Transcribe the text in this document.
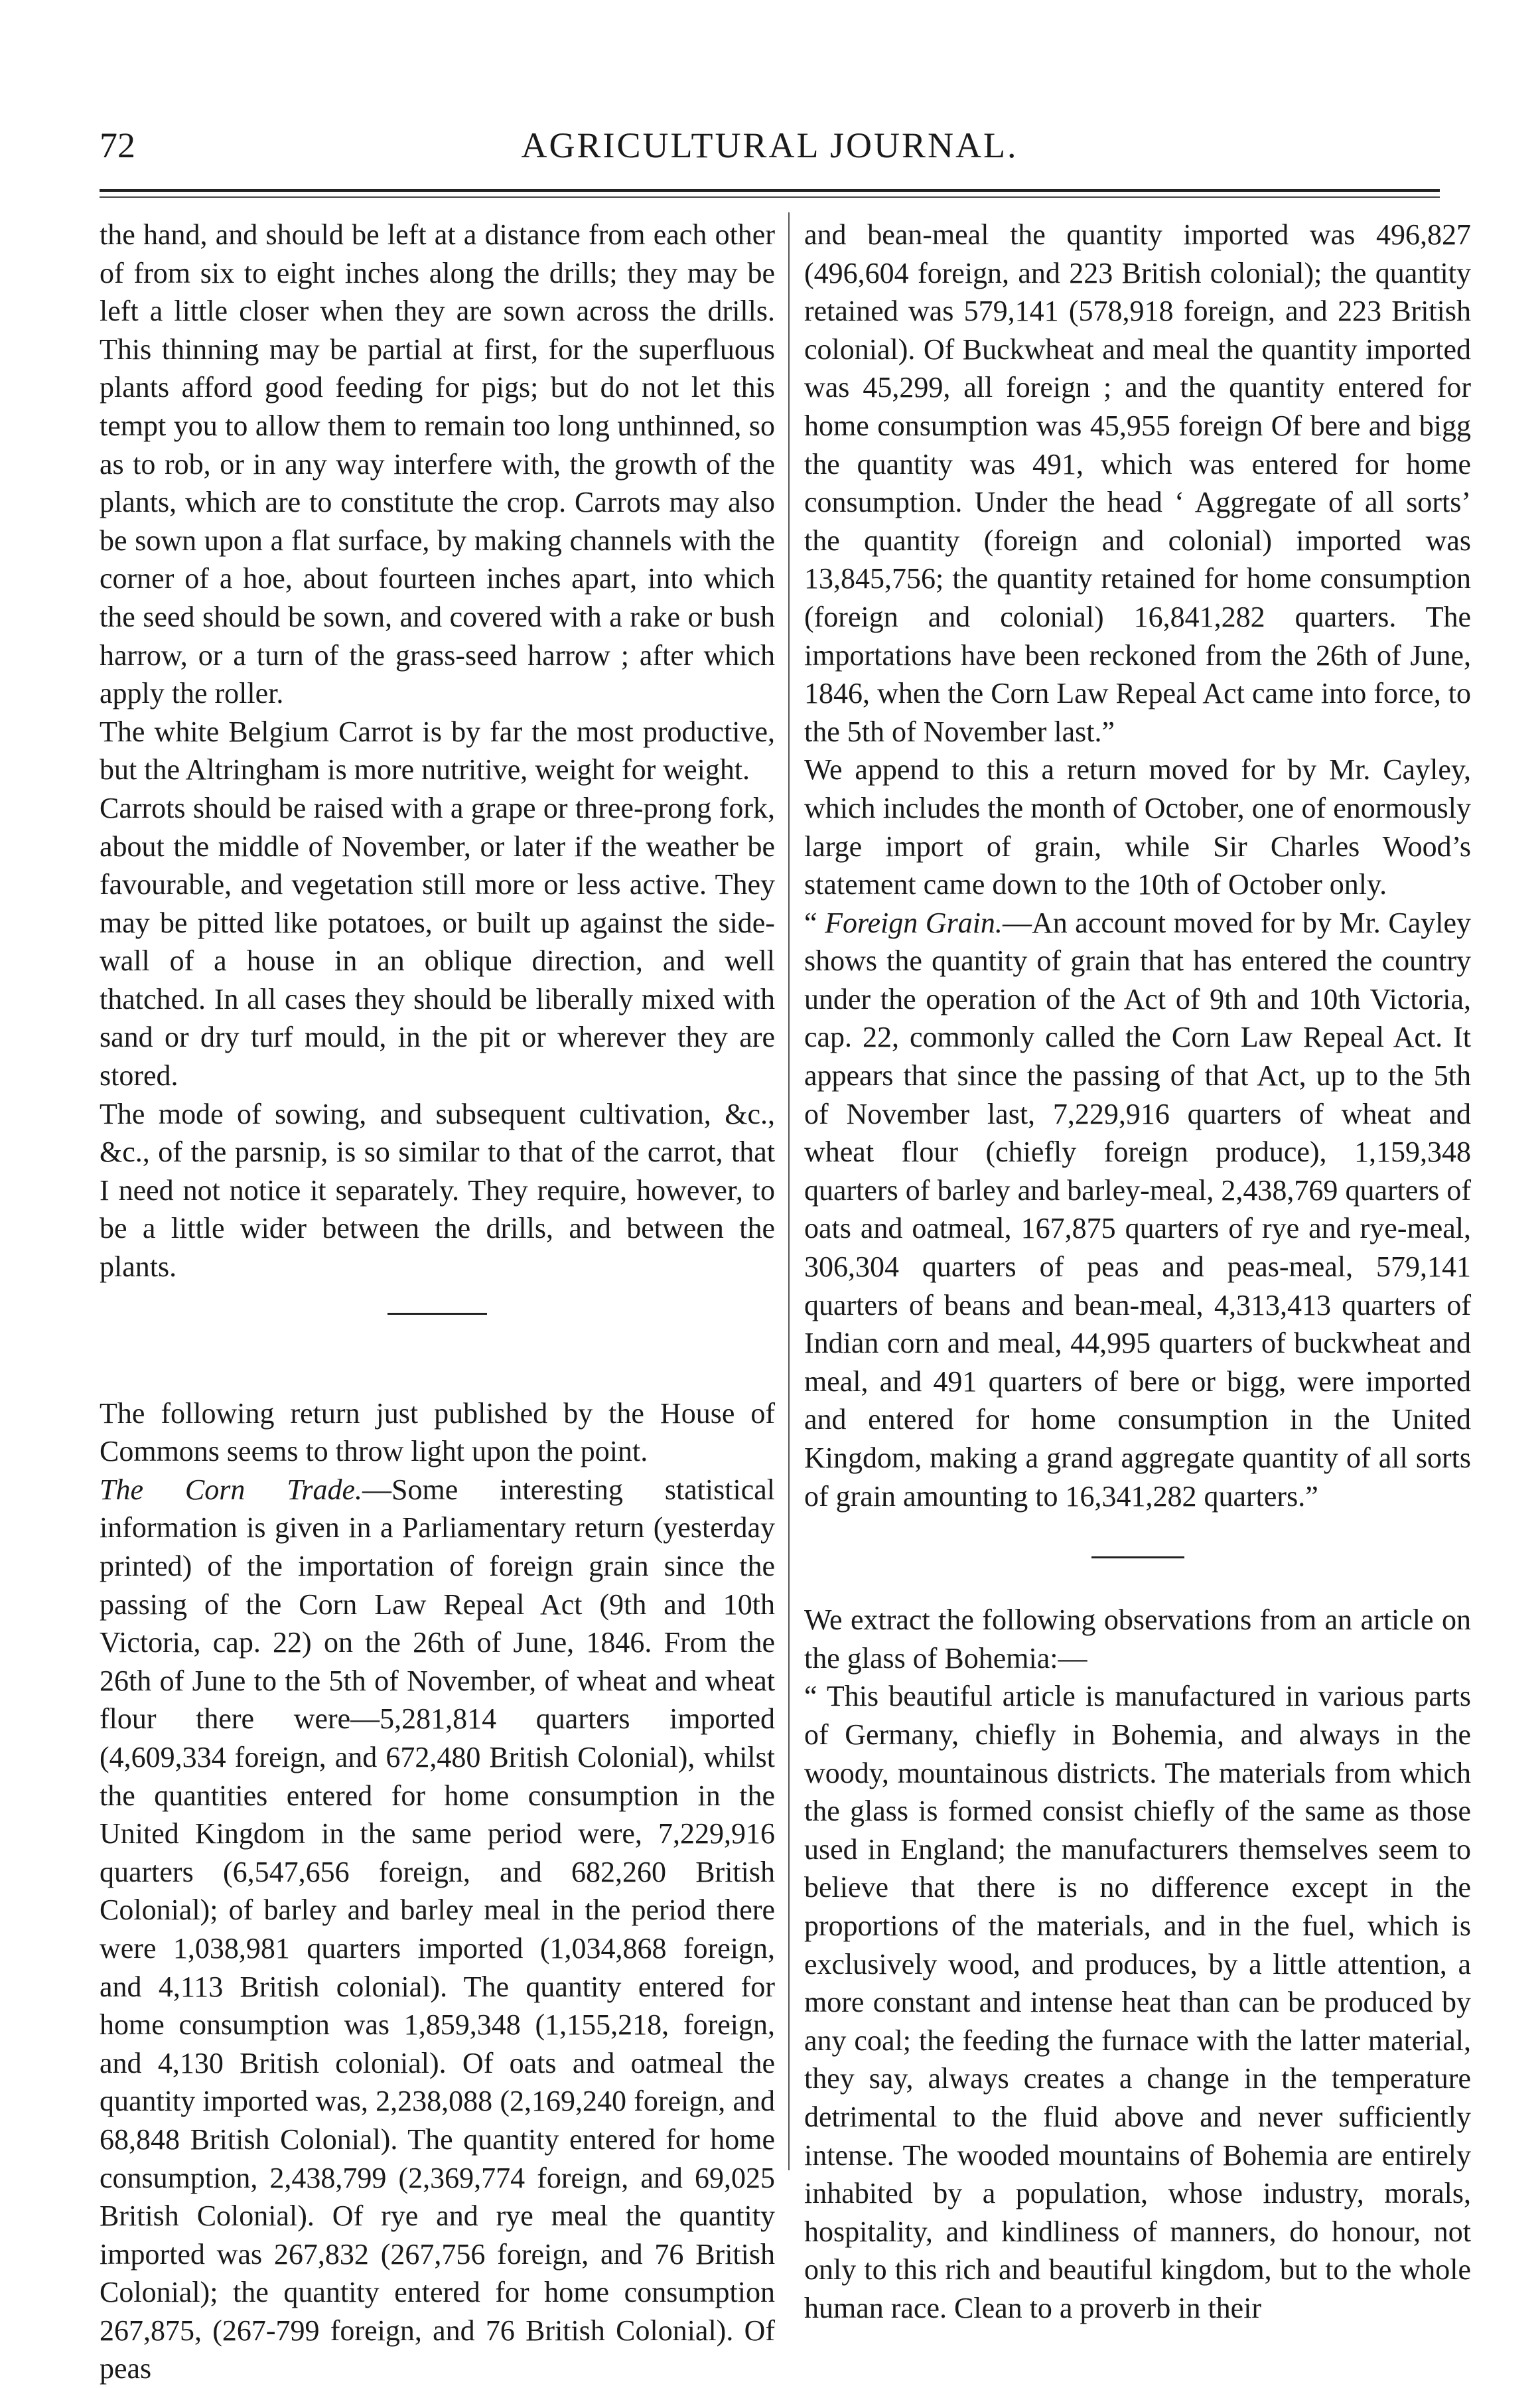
72	AGRICULTURAL JOURNAL.

the hand, and should be left at a distance from each other of from six to eight inches along the drills; they may be left a little closer when they are sown across the drills. This thinning may be partial at first, for the superfluous plants afford good feeding for pigs; but do not let this tempt you to allow them to remain too long unthinned, so as to rob, or in any way interfere with, the growth of the plants, which are to constitute the crop. Carrots may also be sown upon a flat surface, by making channels with the corner of a hoe, about fourteen inches apart, into which the seed should be sown, and covered with a rake or bush harrow, or a turn of the grass-seed harrow ; after which apply the roller.

The white Belgium Carrot is by far the most productive, but the Altringham is more nutritive, weight for weight.

Carrots should be raised with a grape or three-prong fork, about the middle of November, or later if the weather be favourable, and vegetation still more or less active. They may be pitted like potatoes, or built up against the side-wall of a house in an oblique direction, and well thatched. In all cases they should be liberally mixed with sand or dry turf mould, in the pit or wherever they are stored.

The mode of sowing, and subsequent cultivation, &c., &c., of the parsnip, is so similar to that of the carrot, that I need not notice it separately. They require, however, to be a little wider between the drills, and between the plants.

The following return just published by the House of Commons seems to throw light upon the point.

The Corn Trade.—Some interesting statistical information is given in a Parliamentary return (yesterday printed) of the importation of foreign grain since the passing of the Corn Law Repeal Act (9th and 10th Victoria, cap. 22) on the 26th of June, 1846. From the 26th of June to the 5th of November, of wheat and wheat flour there were—5,281,814 quarters imported (4,609,334 foreign, and 672,480 British Colonial), whilst the quantities entered for home consumption in the United Kingdom in the same period were, 7,229,916 quarters (6,547,656 foreign, and 682,260 British Colonial); of barley and barley meal in the period there were 1,038,981 quarters imported (1,034,868 foreign, and 4,113 British colonial). The quantity entered for home consumption was 1,859,348 (1,155,218, foreign, and 4,130 British colonial). Of oats and oatmeal the quantity imported was, 2,238,088 (2,169,240 foreign, and 68,848 British Colonial). The quantity entered for home consumption, 2,438,799 (2,369,774 foreign, and 69,025 British Colonial). Of rye and rye meal the quantity imported was 267,832 (267,756 foreign, and 76 British Colonial); the quantity entered for home consumption 267,875, (267-799 foreign, and 76 British Colonial). Of peas

and bean-meal the quantity imported was 496,827 (496,604 foreign, and 223 British colonial); the quantity retained was 579,141 (578,918 foreign, and 223 British colonial). Of Buckwheat and meal the quantity imported was 45,299, all foreign ; and the quantity entered for home consumption was 45,955 foreign Of bere and bigg the quantity was 491, which was entered for home consumption. Under the head ‘ Aggregate of all sorts’ the quantity (foreign and colonial) imported was 13,845,756; the quantity retained for home consumption (foreign and colonial) 16,841,282 quarters. The importations have been reckoned from the 26th of June, 1846, when the Corn Law Repeal Act came into force, to the 5th of November last.”

We append to this a return moved for by Mr. Cayley, which includes the month of October, one of enormously large import of grain, while Sir Charles Wood’s statement came down to the 10th of October only.

“ Foreign Grain.—An account moved for by Mr. Cayley shows the quantity of grain that has entered the country under the operation of the Act of 9th and 10th Victoria, cap. 22, commonly called the Corn Law Repeal Act. It appears that since the passing of that Act, up to the 5th of November last, 7,229,916 quarters of wheat and wheat flour (chiefly foreign produce), 1,159,348 quarters of barley and barley-meal, 2,438,769 quarters of oats and oatmeal, 167,875 quarters of rye and rye-meal, 306,304 quarters of peas and peas-meal, 579,141 quarters of beans and bean-meal, 4,313,413 quarters of Indian corn and meal, 44,995 quarters of buckwheat and meal, and 491 quarters of bere or bigg, were imported and entered for home consumption in the United Kingdom, making a grand aggregate quantity of all sorts of grain amounting to 16,341,282 quarters.”

We extract the following observations from an article on the glass of Bohemia:—

“ This beautiful article is manufactured in various parts of Germany, chiefly in Bohemia, and always in the woody, mountainous districts. The materials from which the glass is formed consist chiefly of the same as those used in England; the manufacturers themselves seem to believe that there is no difference except in the proportions of the materials, and in the fuel, which is exclusively wood, and produces, by a little attention, a more constant and intense heat than can be produced by any coal; the feeding the furnace with the latter material, they say, always creates a change in the temperature detrimental to the fluid above and never sufficiently intense. The wooded mountains of Bohemia are entirely inhabited by a population, whose industry, morals, hospitality, and kindliness of manners, do honour, not only to this rich and beautiful kingdom, but to the whole human race. Clean to a proverb in their
